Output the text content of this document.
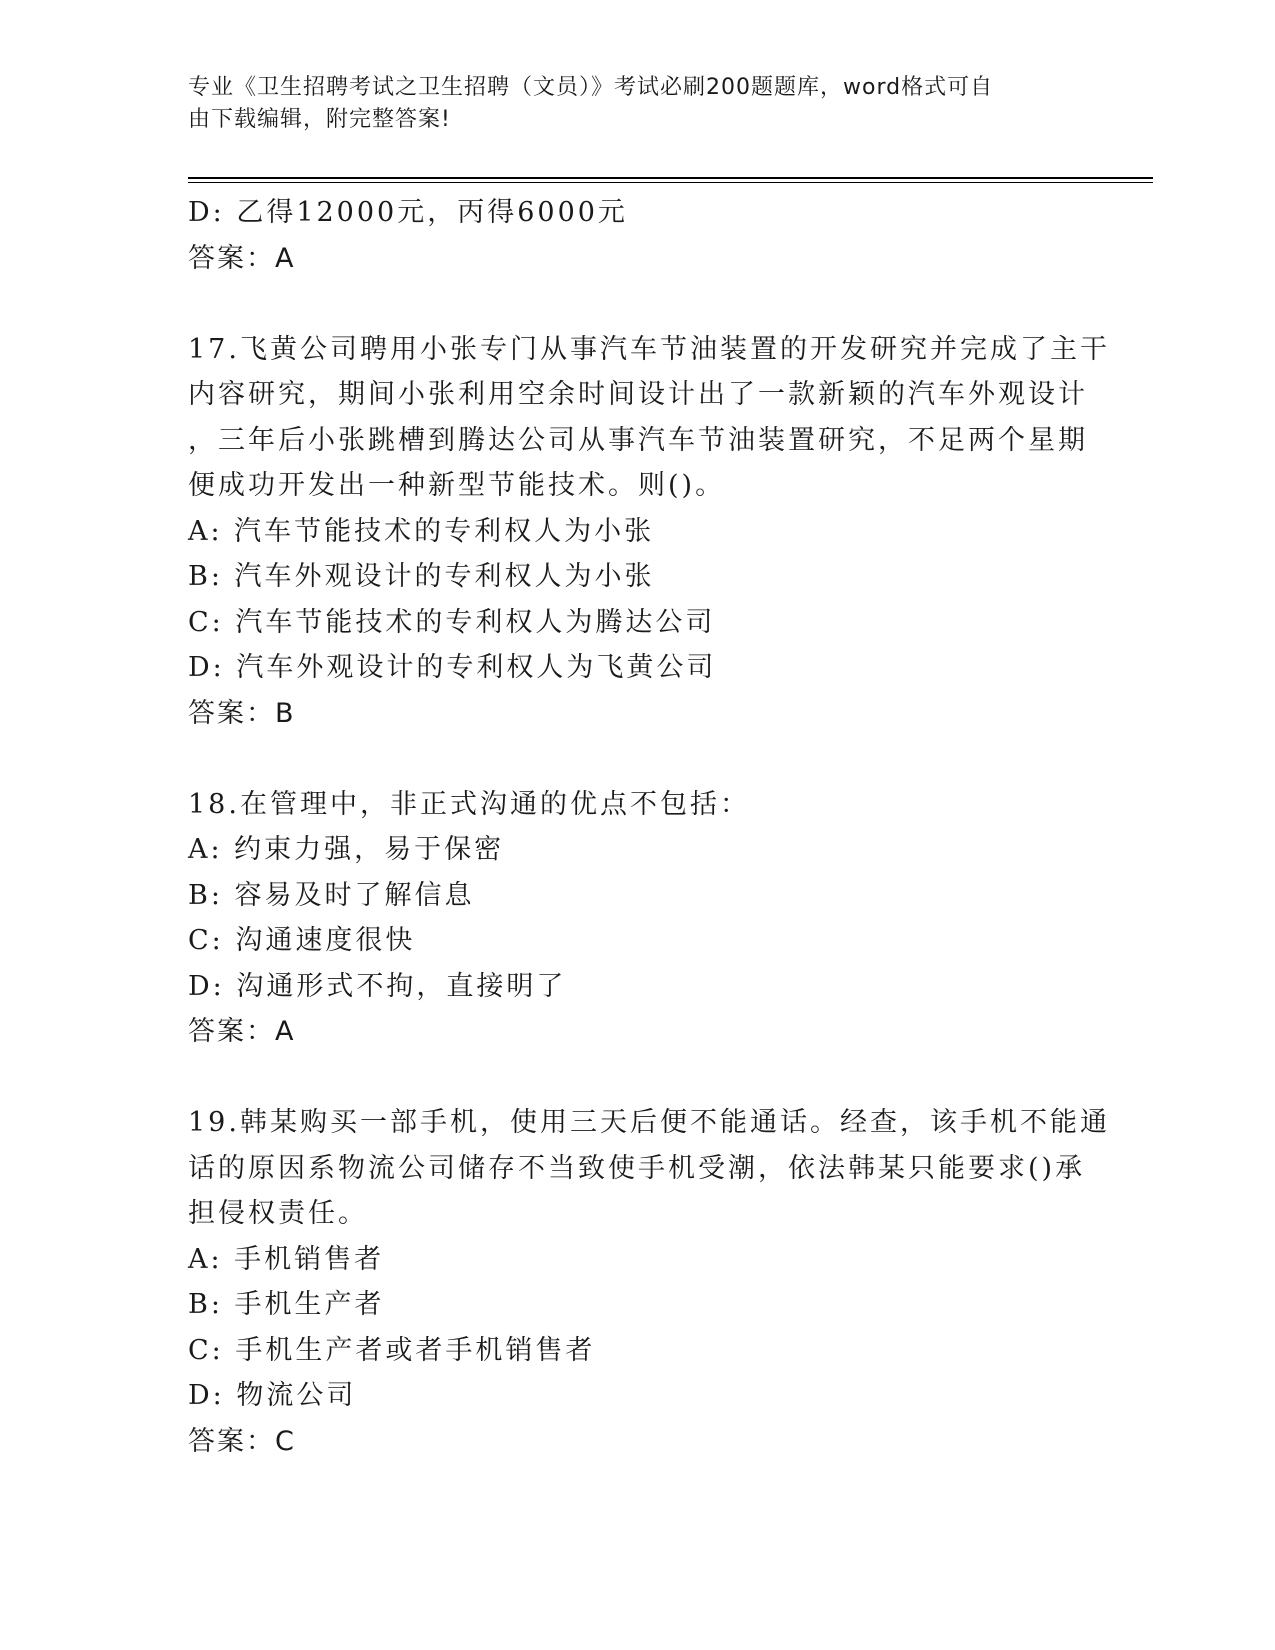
专业《卫生招聘考试之卫生招聘（文员）》考试必刷200题题库，word格式可自
由下载编辑，附完整答案!
D: 乙得12000元，丙得6000元
答案：A
17.飞黄公司聘用小张专门从事汽车节油装置的开发研究并完成了主干
内容研究，期间小张利用空余时间设计出了一款新颖的汽车外观设计
，三年后小张跳槽到腾达公司从事汽车节油装置研究，不足两个星期
便成功开发出一种新型节能技术。则()。
A: 汽车节能技术的专利权人为小张
B: 汽车外观设计的专利权人为小张
C: 汽车节能技术的专利权人为腾达公司
D: 汽车外观设计的专利权人为飞黄公司
答案：B
18.在管理中，非正式沟通的优点不包括：
A: 约束力强，易于保密
B: 容易及时了解信息
C: 沟通速度很快
D: 沟通形式不拘，直接明了
答案：A
19.韩某购买一部手机，使用三天后便不能通话。经查，该手机不能通
话的原因系物流公司储存不当致使手机受潮，依法韩某只能要求()承
担侵权责任。
A: 手机销售者
B: 手机生产者
C: 手机生产者或者手机销售者
D: 物流公司
答案：C
